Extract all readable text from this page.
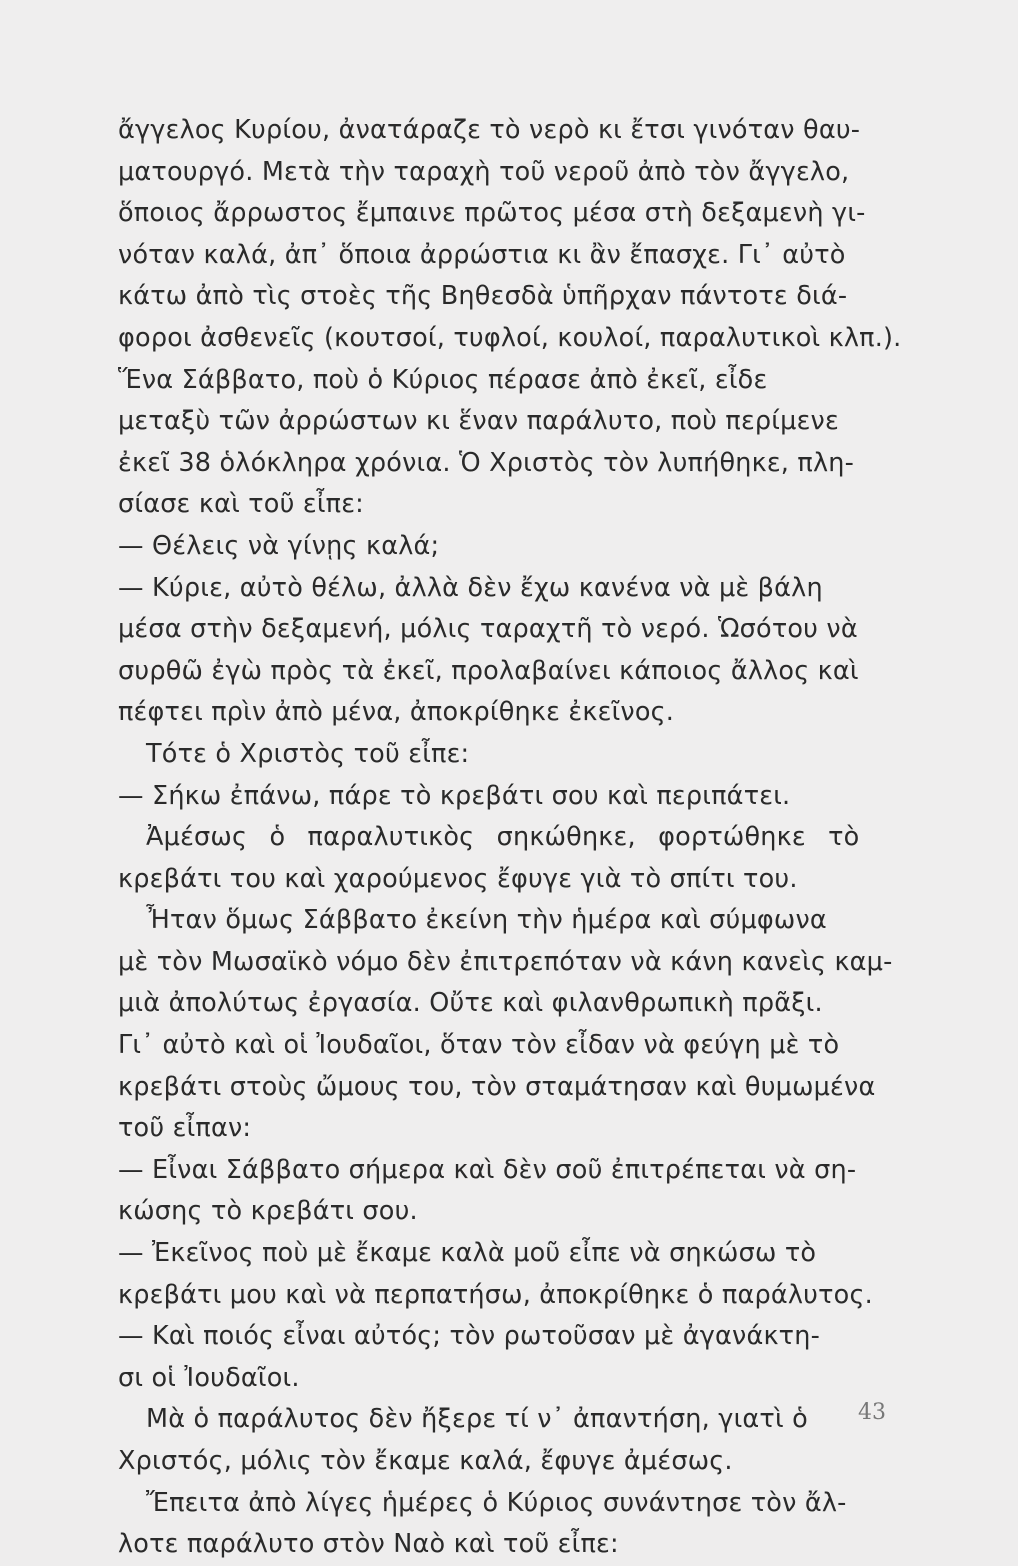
ἄγγελος Κυρίου, ἀνατάραζε τὸ νερὸ κι ἔτσι γινόταν θαυ-
ματουργό. Μετὰ τὴν ταραχὴ τοῦ νεροῦ ἀπὸ τὸν ἄγγελο,
ὅποιος ἄρρωστος ἔμπαινε πρῶτος μέσα στὴ δεξαμενὴ γι-
νόταν καλά, ἀπ᾽ ὅποια ἀρρώστια κι ἂν ἔπασχε. Γι᾽ αὐτὸ
κάτω ἀπὸ τὶς στοὲς τῆς Βηθεσδὰ ὑπῆρχαν πάντοτε διά-
φοροι ἀσθενεῖς (κουτσοί, τυφλοί, κουλοί, παραλυτικοὶ κλπ.).
Ἕνα Σάββατο, ποὺ ὁ Κύριος πέρασε ἀπὸ ἐκεῖ, εἶδε
μεταξὺ τῶν ἀρρώστων κι ἕναν παράλυτο, ποὺ περίμενε
ἐκεῖ 38 ὁλόκληρα χρόνια. Ὁ Χριστὸς τὸν λυπήθηκε, πλη-
σίασε καὶ τοῦ εἶπε:
— Θέλεις νὰ γίνῃς καλά;
— Κύριε, αὐτὸ θέλω, ἀλλὰ δὲν ἔχω κανένα νὰ μὲ βάλη
μέσα στὴν δεξαμενή, μόλις ταραχτῆ τὸ νερό. Ὡσότου νὰ
συρθῶ ἐγὼ πρὸς τὰ ἐκεῖ, προλαβαίνει κάποιος ἄλλος καὶ
πέφτει πρὶν ἀπὸ μένα, ἀποκρίθηκε ἐκεῖνος.
Τότε ὁ Χριστὸς τοῦ εἶπε:
— Σήκω ἐπάνω, πάρε τὸ κρεβάτι σου καὶ περιπάτει.
Ἀμέσως ὁ παραλυτικὸς σηκώθηκε, φορτώθηκε τὸ
κρεβάτι του καὶ χαρούμενος ἔφυγε γιὰ τὸ σπίτι του.
Ἦταν ὅμως Σάββατο ἐκείνη τὴν ἡμέρα καὶ σύμφωνα
μὲ τὸν Μωσαϊκὸ νόμο δὲν ἐπιτρεπόταν νὰ κάνη κανεὶς καμ-
μιὰ ἀπολύτως ἐργασία. Οὔτε καὶ φιλανθρωπικὴ πρᾶξι.
Γι᾽ αὐτὸ καὶ οἱ Ἰουδαῖοι, ὅταν τὸν εἶδαν νὰ φεύγη μὲ τὸ
κρεβάτι στοὺς ὤμους του, τὸν σταμάτησαν καὶ θυμωμένα
τοῦ εἶπαν:
— Εἶναι Σάββατο σήμερα καὶ δὲν σοῦ ἐπιτρέπεται νὰ ση-
κώσης τὸ κρεβάτι σου.
— Ἐκεῖνος ποὺ μὲ ἔκαμε καλὰ μοῦ εἶπε νὰ σηκώσω τὸ
κρεβάτι μου καὶ νὰ περπατήσω, ἀποκρίθηκε ὁ παράλυτος.
— Καὶ ποιός εἶναι αὐτός; τὸν ρωτοῦσαν μὲ ἀγανάκτη-
σι οἱ Ἰουδαῖοι.
Μὰ ὁ παράλυτος δὲν ἤξερε τί ν᾽ ἀπαντήση, γιατὶ ὁ
Χριστός, μόλις τὸν ἔκαμε καλά, ἔφυγε ἀμέσως.
Ἔπειτα ἀπὸ λίγες ἡμέρες ὁ Κύριος συνάντησε τὸν ἄλ-
λοτε παράλυτο στὸν Ναὸ καὶ τοῦ εἶπε:
43
